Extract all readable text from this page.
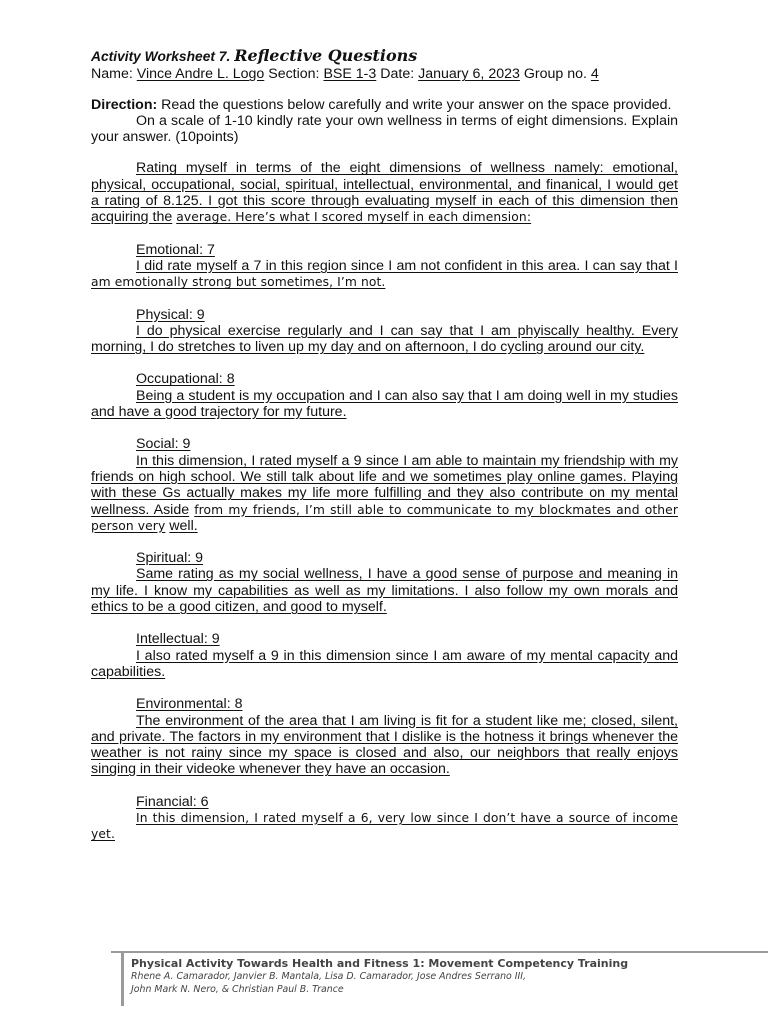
Activity Worksheet 7. Reflective Questions
Name: Vince Andre L. Logo Section: BSE 1-3 Date: January 6, 2023 Group no. 4
Direction: Read the questions below carefully and write your answer on the space provided.

On a scale of 1-10 kindly rate your own wellness in terms of eight dimensions. Explain your answer. (10points)

Rating myself in terms of the eight dimensions of wellness namely: emotional, physical, occupational, social, spiritual, intellectual, environmental, and finanical, I would get a rating of 8.125. I got this score through evaluating myself in each of this dimension then acquiring the average. Here’s what I scored myself in each dimension:

Emotional: 7

I did rate myself a 7 in this region since I am not confident in this area. I can say that I am emotionally strong but sometimes, I’m not.

Physical: 9

I do physical exercise regularly and I can say that I am phyiscally healthy. Every morning, I do stretches to liven up my day and on afternoon, I do cycling around our city.

Occupational: 8

Being a student is my occupation and I can also say that I am doing well in my studies and have a good trajectory for my future.

Social: 9

In this dimension, I rated myself a 9 since I am able to maintain my friendship with my friends on high school. We still talk about life and we sometimes play online games. Playing with these Gs actually makes my life more fulfilling and they also contribute on my mental wellness. Aside from my friends, I’m still able to communicate to my blockmates and other person very well.

Spiritual: 9

Same rating as my social wellness, I have a good sense of purpose and meaning in my life. I know my capabilities as well as my limitations. I also follow my own morals and ethics to be a good citizen, and good to myself.

Intellectual: 9

I also rated myself a 9 in this dimension since I am aware of my mental capacity and capabilities.

Environmental: 8

The environment of the area that I am living is fit for a student like me; closed, silent, and private. The factors in my environment that I dislike is the hotness it brings whenever the weather is not rainy since my space is closed and also, our neighbors that really enjoys singing in their videoke whenever they have an occasion.

Financial: 6

In this dimension, I rated myself a 6, very low since I don’t have a source of income yet.

Physical Activity Towards Health and Fitness 1: Movement Competency Training
Rhene A. Camarador, Janvier B. Mantala, Lisa D. Camarador, Jose Andres Serrano III,
John Mark N. Nero, & Christian Paul B. Trance
